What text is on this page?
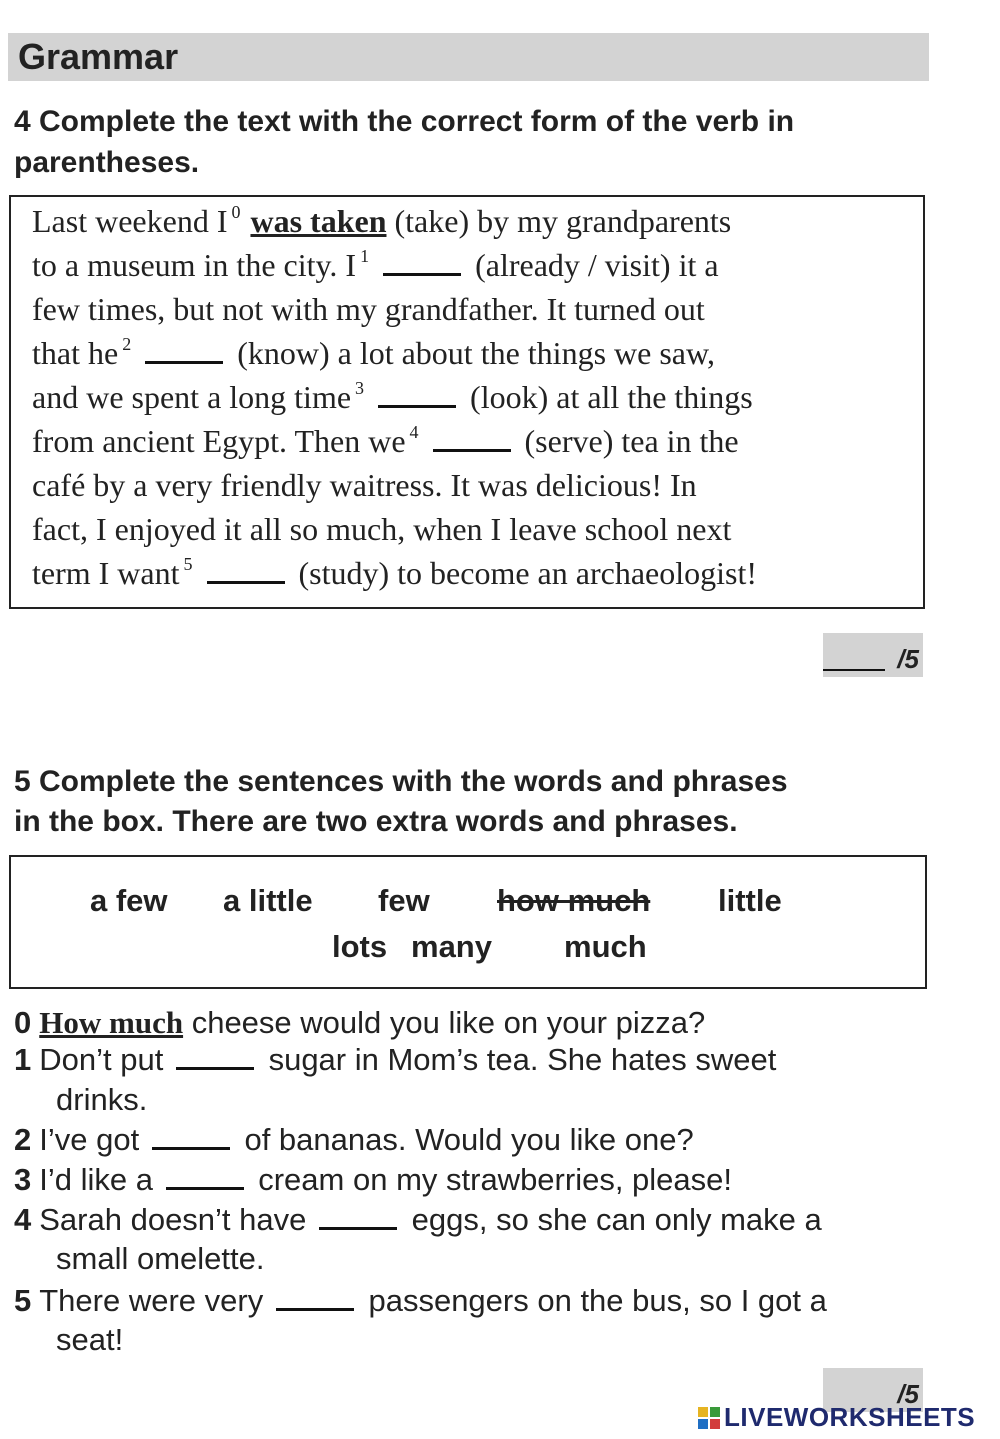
Grammar
4 Complete the text with the correct form of the verb in
parentheses.
Last weekend I $^0$ was taken (take) by my grandparents
to a museum in the city. I $^1$	(already / visit) it a
few times, but not with my grandfather. It turned out
that he $^2$	(know) a lot about the things we saw,
and we spent a long time $^3$	(look) at all the things
from ancient Egypt. Then we $^4$	(serve) tea in the
café by a very friendly waitress. It was delicious! In
fact, I enjoyed it all so much, when I leave school next
term I want $^5$	(study) to become an archaeologist!
/5
5 Complete the sentences with the words and phrases
in the box. There are two extra words and phrases.
a few a little few how much little
lots many much
0 How much cheese would you like on your pizza?
1 Don’t put	sugar in Mom’s tea. She hates sweet
drinks.
2 I’ve got	of bananas. Would you like one?
3 I’d like a	cream on my strawberries, please!
4 Sarah doesn’t have	eggs, so she can only make a
small omelette.
5 There were very	passengers on the bus, so I got a
seat!
/5
LIVEWORKSHEETS
